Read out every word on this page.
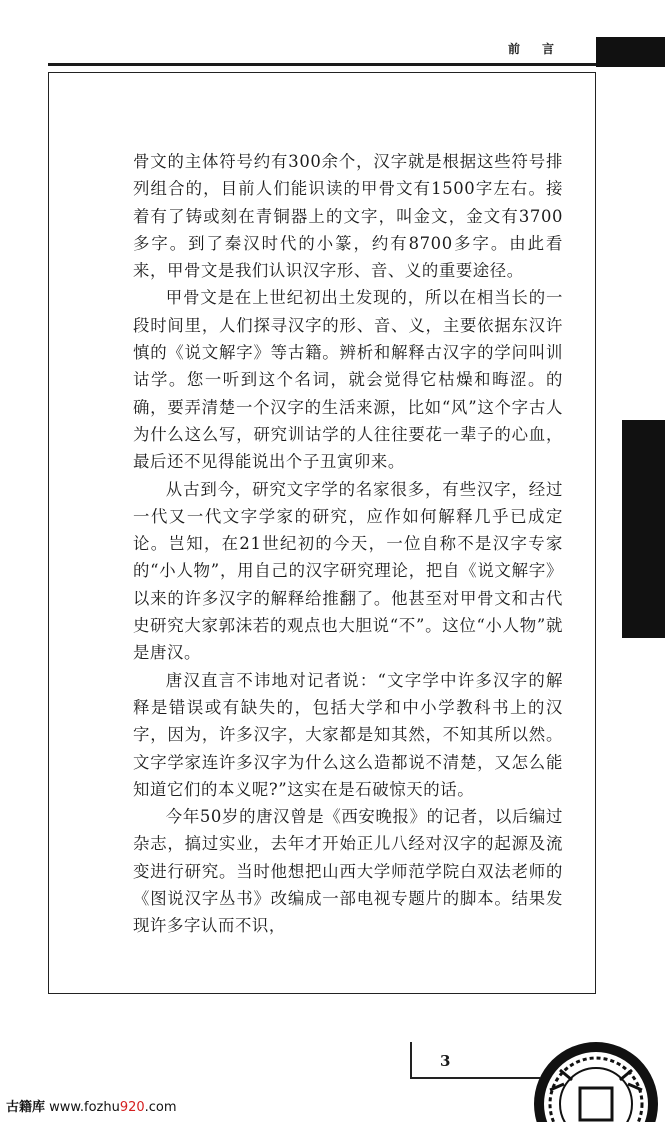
前言

骨文的主体符号约有300余个，汉字就是根据这些符号排列组合的，目前人们能识读的甲骨文有1500字左右。接着有了铸或刻在青铜器上的文字，叫金文，金文有3700多字。到了秦汉时代的小篆，约有8700多字。由此看来，甲骨文是我们认识汉字形、音、义的重要途径。

甲骨文是在上世纪初出土发现的，所以在相当长的一段时间里，人们探寻汉字的形、音、义，主要依据东汉许慎的《说文解字》等古籍。辨析和解释古汉字的学问叫训诂学。您一听到这个名词，就会觉得它枯燥和晦涩。的确，要弄清楚一个汉字的生活来源，比如“风”这个字古人为什么这么写，研究训诂学的人往往要花一辈子的心血，最后还不见得能说出个子丑寅卯来。

从古到今，研究文字学的名家很多，有些汉字，经过一代又一代文字学家的研究，应作如何解释几乎已成定论。岂知，在21世纪初的今天，一位自称不是汉字专家的“小人物”，用自己的汉字研究理论，把自《说文解字》以来的许多汉字的解释给推翻了。他甚至对甲骨文和古代史研究大家郭沫若的观点也大胆说“不”。这位“小人物”就是唐汉。

唐汉直言不讳地对记者说：“文字学中许多汉字的解释是错误或有缺失的，包括大学和中小学教科书上的汉字，因为，许多汉字，大家都是知其然，不知其所以然。文字学家连许多汉字为什么这么造都说不清楚，又怎么能知道它们的本义呢?”这实在是石破惊天的话。

今年50岁的唐汉曾是《西安晚报》的记者，以后编过杂志，搞过实业，去年才开始正儿八经对汉字的起源及流变进行研究。当时他想把山西大学师范学院白双法老师的《图说汉字丛书》改编成一部电视专题片的脚本。结果发现许多字认而不识，

3
古籍库 www.fozhu920.com
